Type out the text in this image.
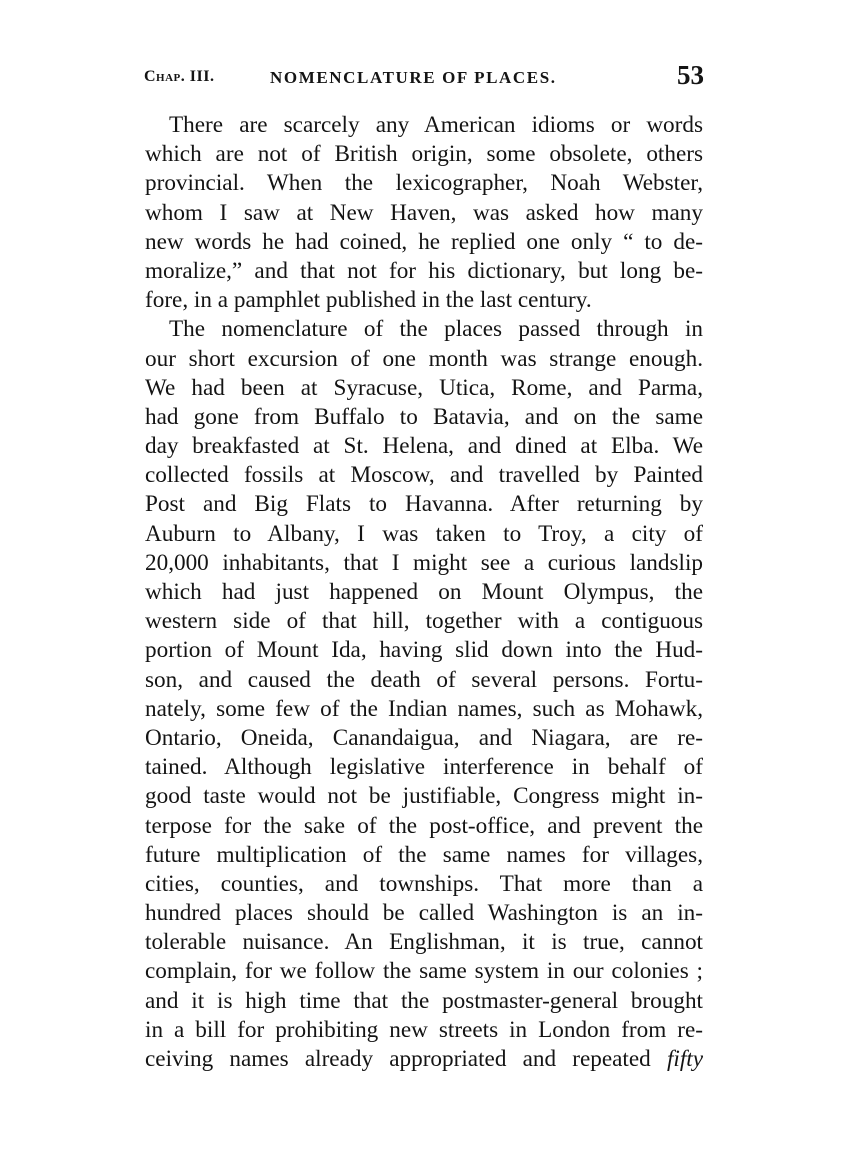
Chap. III.	NOMENCLATURE OF PLACES.	53
There are scarcely any American idioms or words
which are not of British origin, some obsolete, others
provincial. When the lexicographer, Noah Webster,
whom I saw at New Haven, was asked how many
new words he had coined, he replied one only “ to de-
moralize,” and that not for his dictionary, but long be-
fore, in a pamphlet published in the last century.
The nomenclature of the places passed through in
our short excursion of one month was strange enough.
We had been at Syracuse, Utica, Rome, and Parma,
had gone from Buffalo to Batavia, and on the same
day breakfasted at St. Helena, and dined at Elba. We
collected fossils at Moscow, and travelled by Painted
Post and Big Flats to Havanna. After returning by
Auburn to Albany, I was taken to Troy, a city of
20,000 inhabitants, that I might see a curious landslip
which had just happened on Mount Olympus, the
western side of that hill, together with a contiguous
portion of Mount Ida, having slid down into the Hud-
son, and caused the death of several persons. Fortu-
nately, some few of the Indian names, such as Mohawk,
Ontario, Oneida, Canandaigua, and Niagara, are re-
tained. Although legislative interference in behalf of
good taste would not be justifiable, Congress might in-
terpose for the sake of the post-office, and prevent the
future multiplication of the same names for villages,
cities, counties, and townships. That more than a
hundred places should be called Washington is an in-
tolerable nuisance. An Englishman, it is true, cannot
complain, for we follow the same system in our colonies ;
and it is high time that the postmaster-general brought
in a bill for prohibiting new streets in London from re-
ceiving names already appropriated and repeated fifty
